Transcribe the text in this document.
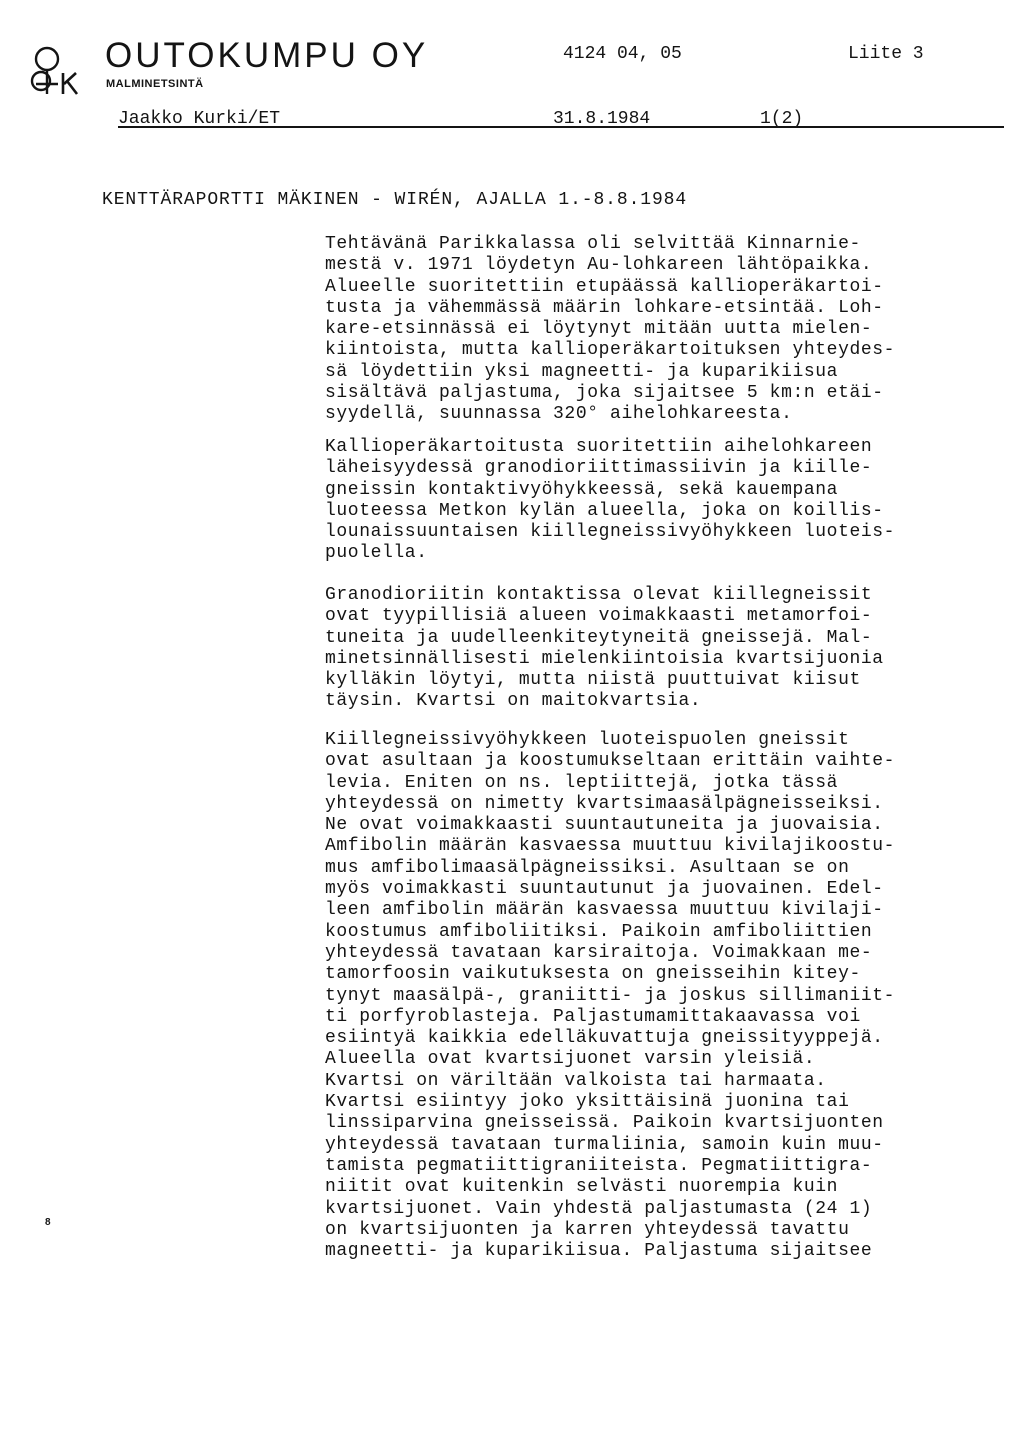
OUTOKUMPU OY
MALMINETSINTÄ
4124 04, 05	Liite 3
Jaakko Kurki/ET	31.8.1984	1(2)
KENTTÄRAPORTTI MÄKINEN - WIRÉN, AJALLA 1.-8.8.1984
Tehtävänä Parikkalassa oli selvittää Kinnarnie-
mestä v. 1971 löydetyn Au-lohkareen lähtöpaikka.
Alueelle suoritettiin etupäässä kallioperäkartoi-
tusta ja vähemmässä määrin lohkare-etsintää. Loh-
kare-etsinnässä ei löytynyt mitään uutta mielen-
kiintoista, mutta kallioperäkartoituksen yhteydes-
sä löydettiin yksi magneetti- ja kuparikiisua
sisältävä paljastuma, joka sijaitsee 5 km:n etäi-
syydellä, suunnassa 320° aihelohkareesta.
Kallioperäkartoitusta suoritettiin aihelohkareen
läheisyydessä granodioriittimassiivin ja kiille-
gneissin kontaktivyöhykkeessä, sekä kauempana
luoteessa Metkon kylän alueella, joka on koillis-
lounaissuuntaisen kiillegneissivyöhykkeen luoteis-
puolella.
Granodioriitin kontaktissa olevat kiillegneissit
ovat tyypillisiä alueen voimakkaasti metamorfoi-
tuneita ja uudelleenkiteytyneitä gneissejä. Mal-
minetsinnällisesti mielenkiintoisia kvartsijuonia
kylläkin löytyi, mutta niistä puuttuivat kiisut
täysin. Kvartsi on maitokvartsia.
Kiillegneissivyöhykkeen luoteispuolen gneissit
ovat asultaan ja koostumukseltaan erittäin vaihte-
levia. Eniten on ns. leptiittejä, jotka tässä
yhteydessä on nimetty kvartsimaasälpägneisseiksi.
Ne ovat voimakkaasti suuntautuneita ja juovaisia.
Amfibolin määrän kasvaessa muuttuu kivilajikoostu-
mus amfibolimaasälpägneissiksi. Asultaan se on
myös voimakkasti suuntautunut ja juovainen. Edel-
leen amfibolin määrän kasvaessa muuttuu kivilaji-
koostumus amfiboliitiksi. Paikoin amfiboliittien
yhteydessä tavataan karsiraitoja. Voimakkaan me-
tamorfoosin vaikutuksesta on gneisseihin kitey-
tynyt maasälpä-, graniitti- ja joskus sillimaniit-
ti porfyroblasteja. Paljastumamittakaavassa voi
esiintyä kaikkia edelläkuvattuja gneissityyppejä.
Alueella ovat kvartsijuonet varsin yleisiä.
Kvartsi on väriltään valkoista tai harmaata.
Kvartsi esiintyy joko yksittäisinä juonina tai
linssiparvina gneisseissä. Paikoin kvartsijuonten
yhteydessä tavataan turmaliinia, samoin kuin muu-
tamista pegmatiittigraniiteista. Pegmatiittigra-
niitit ovat kuitenkin selvästi nuorempia kuin
kvartsijuonet. Vain yhdestä paljastumasta (24 1)
on kvartsijuonten ja karren yhteydessä tavattu
magneetti- ja kuparikiisua. Paljastuma sijaitsee
8
